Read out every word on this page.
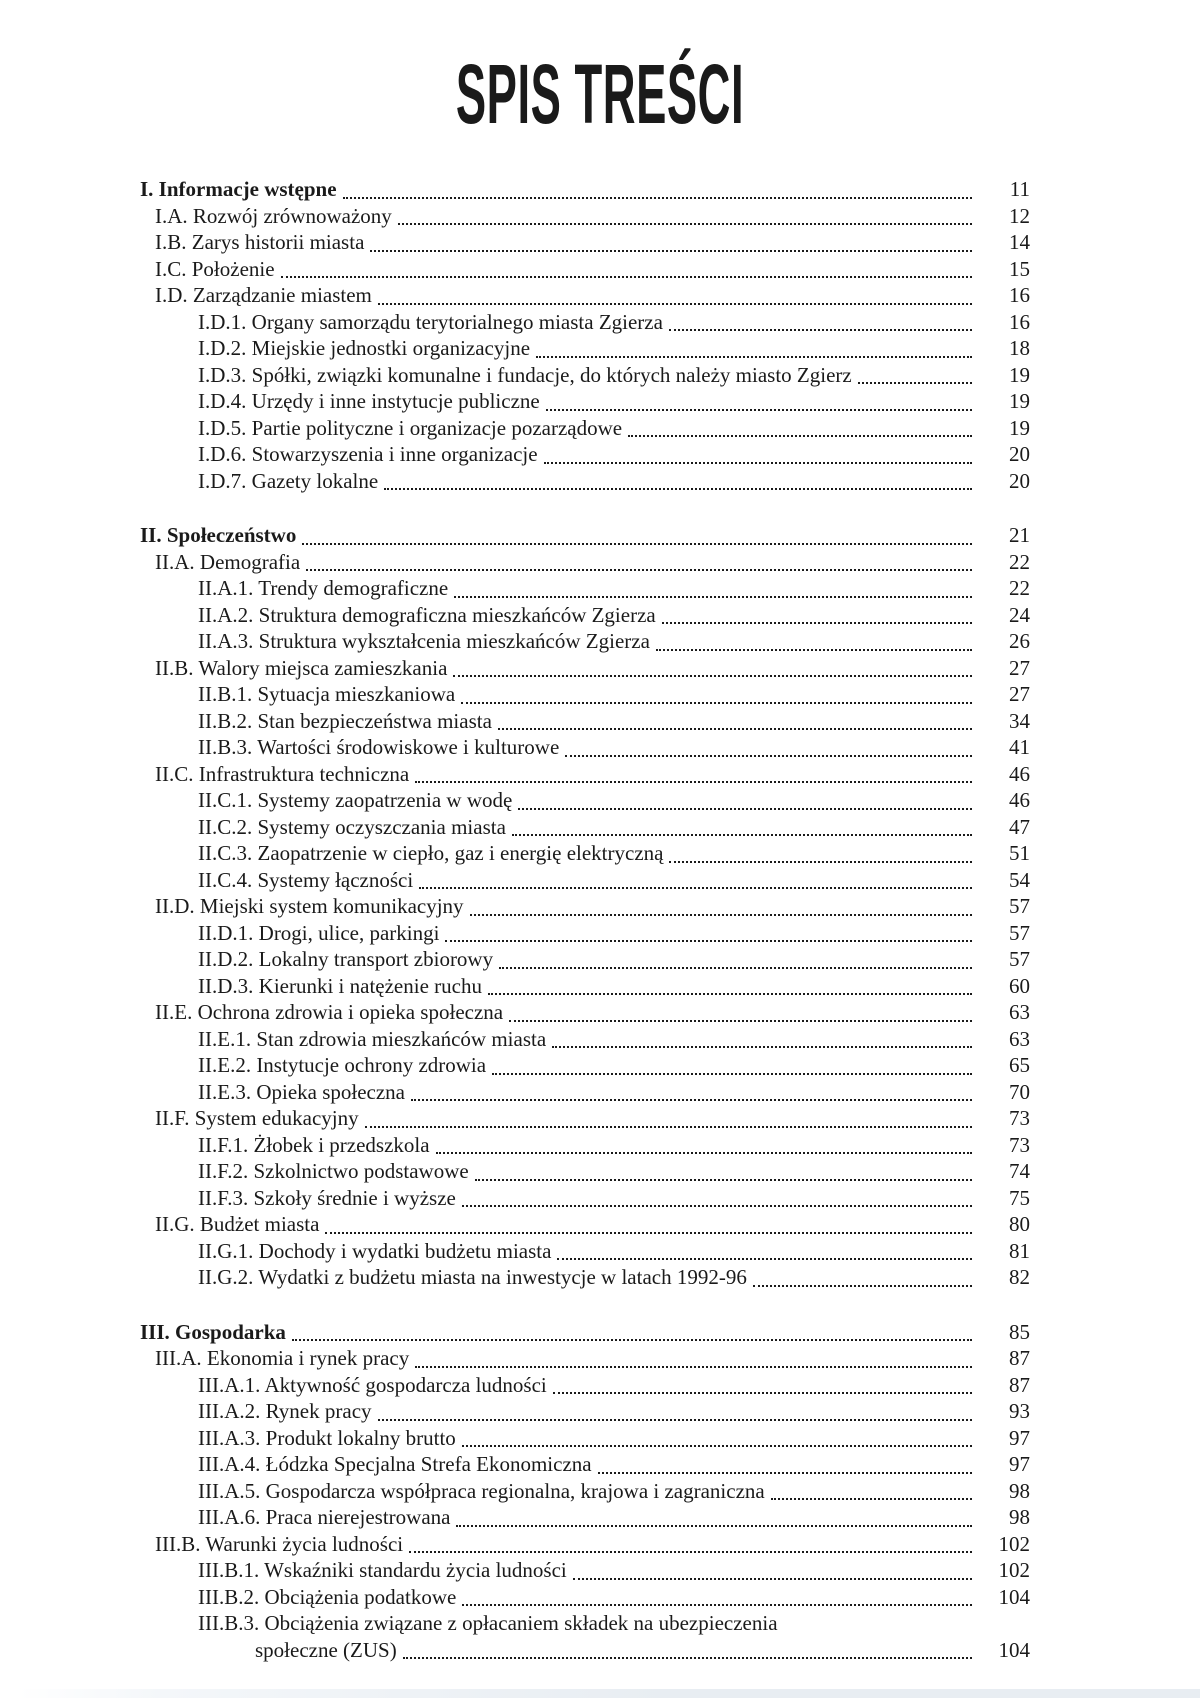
SPIS TREŚCI
I. Informacje wstępne	11
I.A. Rozwój zrównoważony	12
I.B. Zarys historii miasta	14
I.C. Położenie	15
I.D. Zarządzanie miastem	16
I.D.1. Organy samorządu terytorialnego miasta Zgierza	16
I.D.2. Miejskie jednostki organizacyjne	18
I.D.3. Spółki, związki komunalne i fundacje, do których należy miasto Zgierz	19
I.D.4. Urzędy i inne instytucje publiczne	19
I.D.5. Partie polityczne i organizacje pozarządowe	19
I.D.6. Stowarzyszenia i inne organizacje	20
I.D.7. Gazety lokalne	20
II. Społeczeństwo	21
II.A. Demografia	22
II.A.1. Trendy demograficzne	22
II.A.2. Struktura demograficzna mieszkańców Zgierza	24
II.A.3. Struktura wykształcenia mieszkańców Zgierza	26
II.B. Walory miejsca zamieszkania	27
II.B.1. Sytuacja mieszkaniowa	27
II.B.2. Stan bezpieczeństwa miasta	34
II.B.3. Wartości środowiskowe i kulturowe	41
II.C. Infrastruktura techniczna	46
II.C.1. Systemy zaopatrzenia w wodę	46
II.C.2. Systemy oczyszczania miasta	47
II.C.3. Zaopatrzenie w ciepło, gaz i energię elektryczną	51
II.C.4. Systemy łączności	54
II.D. Miejski system komunikacyjny	57
II.D.1. Drogi, ulice, parkingi	57
II.D.2. Lokalny transport zbiorowy	57
II.D.3. Kierunki i natężenie ruchu	60
II.E. Ochrona zdrowia i opieka społeczna	63
II.E.1. Stan zdrowia mieszkańców miasta	63
II.E.2. Instytucje ochrony zdrowia	65
II.E.3. Opieka społeczna	70
II.F. System edukacyjny	73
II.F.1. Żłobek i przedszkola	73
II.F.2. Szkolnictwo podstawowe	74
II.F.3. Szkoły średnie i wyższe	75
II.G. Budżet miasta	80
II.G.1. Dochody i wydatki budżetu miasta	81
II.G.2. Wydatki z budżetu miasta na inwestycje w latach 1992-96	82
III. Gospodarka	85
III.A. Ekonomia i rynek pracy	87
III.A.1. Aktywność gospodarcza ludności	87
III.A.2. Rynek pracy	93
III.A.3. Produkt lokalny brutto	97
III.A.4. Łódzka Specjalna Strefa Ekonomiczna	97
III.A.5. Gospodarcza współpraca regionalna, krajowa i zagraniczna	98
III.A.6. Praca nierejestrowana	98
III.B. Warunki życia ludności	102
III.B.1. Wskaźniki standardu życia ludności	102
III.B.2. Obciążenia podatkowe	104
III.B.3. Obciążenia związane z opłacaniem składek na ubezpieczenia
społeczne (ZUS)	104
